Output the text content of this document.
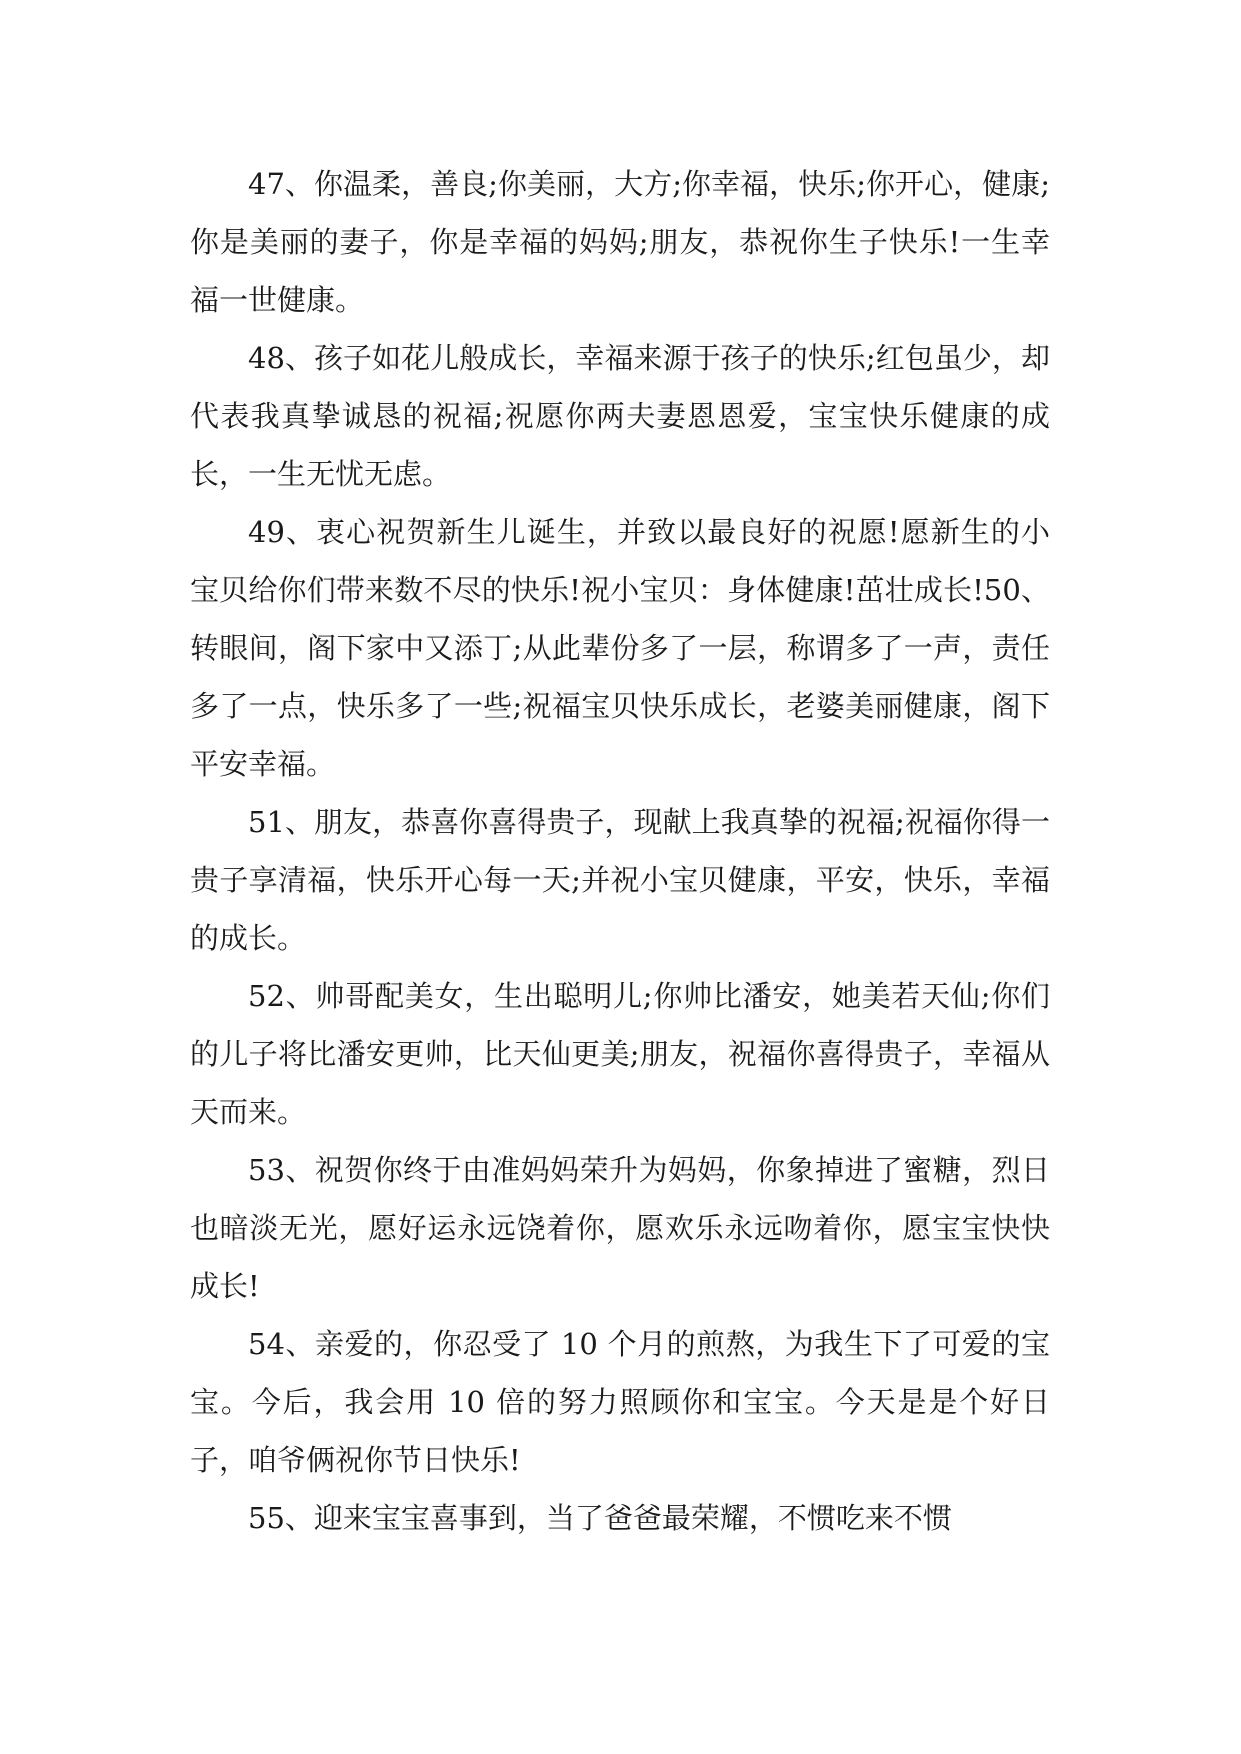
47、你温柔，善良;你美丽，大方;你幸福，快乐;你开心，健康;你是美丽的妻子，你是幸福的妈妈;朋友，恭祝你生子快乐!一生幸福一世健康。

48、孩子如花儿般成长，幸福来源于孩子的快乐;红包虽少，却代表我真挚诚恳的祝福;祝愿你两夫妻恩恩爱，宝宝快乐健康的成长，一生无忧无虑。

49、衷心祝贺新生儿诞生，并致以最良好的祝愿!愿新生的小宝贝给你们带来数不尽的快乐!祝小宝贝：身体健康!茁壮成长!50、转眼间，阁下家中又添丁;从此辈份多了一层，称谓多了一声，责任多了一点，快乐多了一些;祝福宝贝快乐成长，老婆美丽健康，阁下平安幸福。

51、朋友，恭喜你喜得贵子，现献上我真挚的祝福;祝福你得一贵子享清福，快乐开心每一天;并祝小宝贝健康，平安，快乐，幸福的成长。

52、帅哥配美女，生出聪明儿;你帅比潘安，她美若天仙;你们的儿子将比潘安更帅，比天仙更美;朋友，祝福你喜得贵子，幸福从天而来。

53、祝贺你终于由准妈妈荣升为妈妈，你象掉进了蜜糖，烈日也暗淡无光，愿好运永远饶着你，愿欢乐永远吻着你，愿宝宝快快成长!

54、亲爱的，你忍受了 10 个月的煎熬，为我生下了可爱的宝宝。今后，我会用 10 倍的努力照顾你和宝宝。今天是是个好日子，咱爷俩祝你节日快乐!

55、迎来宝宝喜事到，当了爸爸最荣耀，不惯吃来不惯
